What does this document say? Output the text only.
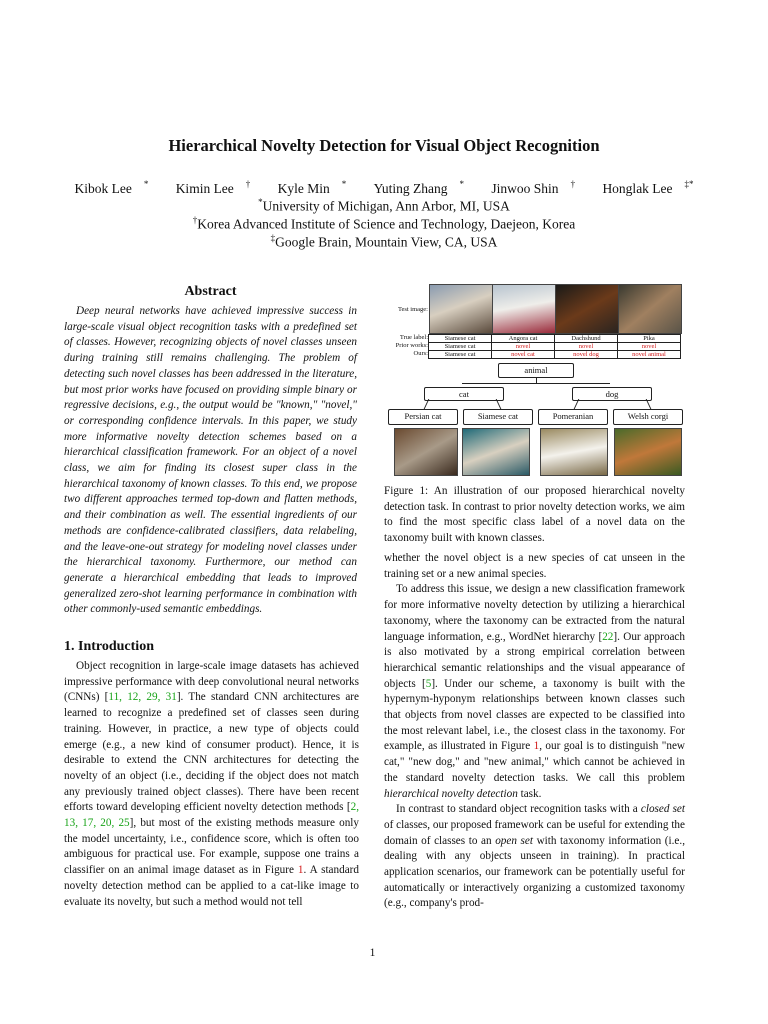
Hierarchical Novelty Detection for Visual Object Recognition
Kibok Lee * Kimin Lee † Kyle Min * Yuting Zhang * Jinwoo Shin † Honglak Lee ‡*
*University of Michigan, Ann Arbor, MI, USA
†Korea Advanced Institute of Science and Technology, Daejeon, Korea
‡Google Brain, Mountain View, CA, USA
Abstract
Deep neural networks have achieved impressive success in large-scale visual object recognition tasks with a predefined set of classes. However, recognizing objects of novel classes unseen during training still remains challenging. The problem of detecting such novel classes has been addressed in the literature, but most prior works have focused on providing simple binary or regressive decisions, e.g., the output would be "known," "novel," or corresponding confidence intervals. In this paper, we study more informative novelty detection schemes based on a hierarchical classification framework. For an object of a novel class, we aim for finding its closest super class in the hierarchical taxonomy of known classes. To this end, we propose two different approaches termed top-down and flatten methods, and their combination as well. The essential ingredients of our methods are confidence-calibrated classifiers, data relabeling, and the leave-one-out strategy for modeling novel classes under the hierarchical taxonomy. Furthermore, our method can generate a hierarchical embedding that leads to improved generalized zero-shot learning performance in combination with other commonly-used semantic embeddings.
1. Introduction

Object recognition in large-scale image datasets has achieved impressive performance with deep convolutional neural networks (CNNs) [11, 12, 29, 31]. The standard CNN architectures are learned to recognize a predefined set of classes seen during training. However, in practice, a new type of objects could emerge (e.g., a new kind of consumer product). Hence, it is desirable to extend the CNN architectures for detecting the novelty of an object (i.e., deciding if the object does not match any previously trained object classes). There have been recent efforts toward developing efficient novelty detection methods [2, 13, 17, 20, 25], but most of the existing methods measure only the model uncertainty, i.e., confidence score, which is often too ambiguous for practical use. For example, suppose one trains a classifier on an animal image dataset as in Figure 1. A standard novelty detection method can be applied to a cat-like image to evaluate its novelty, but such a method would not tell

Test image:
True label:
Prior works:
Ours:
Siamese cat	Angora cat	Dachshund	Pika
Siamese cat	novel	novel	novel
Siamese cat	novel cat	novel dog	novel animal
animal
cat	dog
Persian cat	Siamese cat	Pomeranian	Welsh corgi
Figure 1: An illustration of our proposed hierarchical novelty detection task. In contrast to prior novelty detection works, we aim to find the most specific class label of a novel data on the taxonomy built with known classes.

whether the novel object is a new species of cat unseen in the training set or a new animal species.

To address this issue, we design a new classification framework for more informative novelty detection by utilizing a hierarchical taxonomy, where the taxonomy can be extracted from the natural language information, e.g., WordNet hierarchy [22]. Our approach is also motivated by a strong empirical correlation between hierarchical semantic relationships and the visual appearance of objects [5]. Under our scheme, a taxonomy is built with the hypernym-hyponym relationships between known classes such that objects from novel classes are expected to be classified into the most relevant label, i.e., the closest class in the taxonomy. For example, as illustrated in Figure 1, our goal is to distinguish "new cat," "new dog," and "new animal," which cannot be achieved in the standard novelty detection tasks. We call this problem hierarchical novelty detection task.

In contrast to standard object recognition tasks with a closed set of classes, our proposed framework can be useful for extending the domain of classes to an open set with taxonomy information (i.e., dealing with any objects unseen in training). In practical application scenarios, our framework can be potentially useful for automatically or interactively organizing a customized taxonomy (e.g., company's prod-

1
